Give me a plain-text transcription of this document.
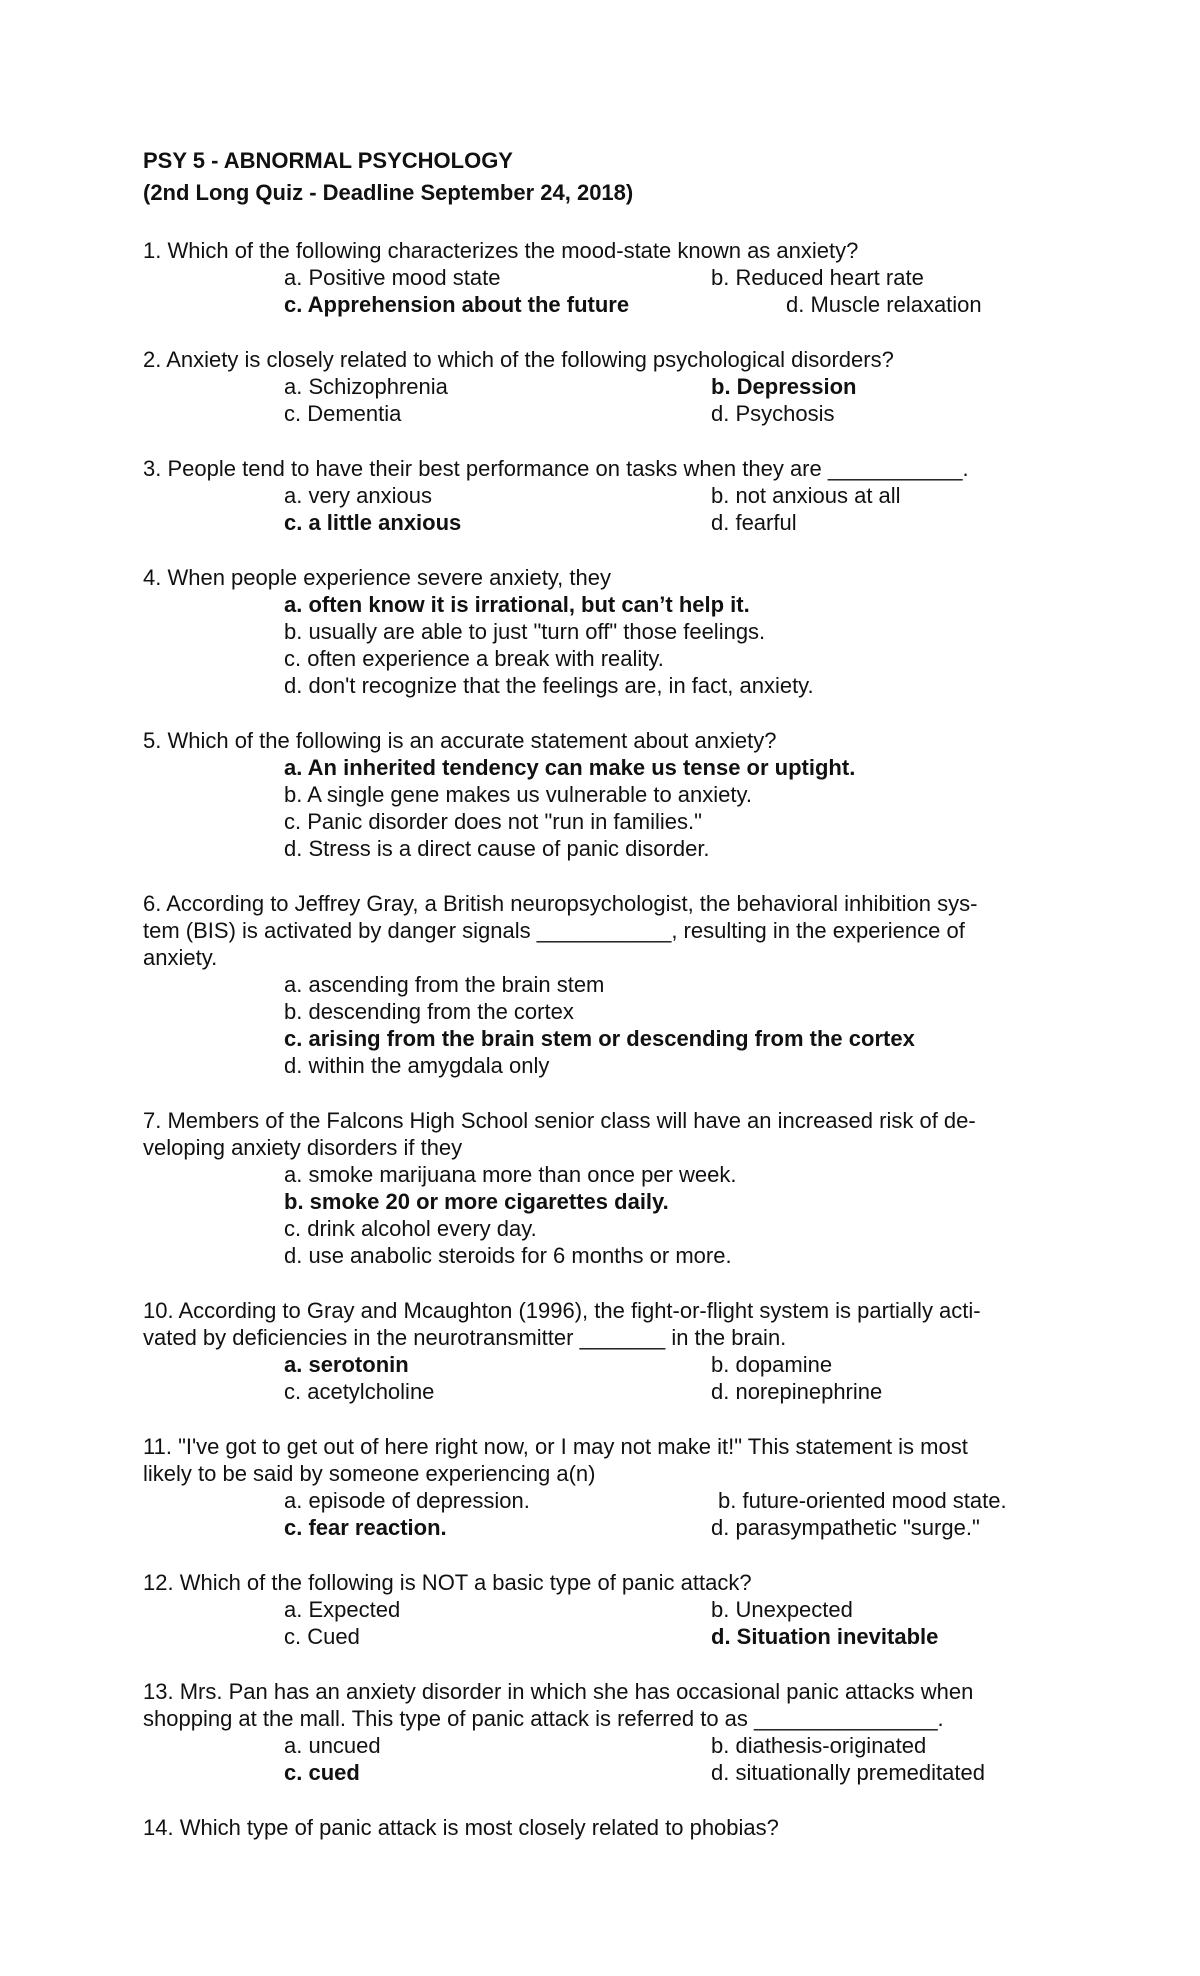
PSY 5 - ABNORMAL PSYCHOLOGY
(2nd Long Quiz - Deadline September 24, 2018)
1. Which of the following characterizes the mood-state known as anxiety?
a. Positive mood state	b. Reduced heart rate
c. Apprehension about the future	d. Muscle relaxation
2. Anxiety is closely related to which of the following psychological disorders?
a. Schizophrenia	b. Depression
c. Dementia	d. Psychosis
3. People tend to have their best performance on tasks when they are ___________.
a. very anxious	b. not anxious at all
c. a little anxious	d. fearful
4. When people experience severe anxiety, they
a. often know it is irrational, but can’t help it.
b. usually are able to just "turn off" those feelings.
c. often experience a break with reality.
d. don't recognize that the feelings are, in fact, anxiety.
5. Which of the following is an accurate statement about anxiety?
a. An inherited tendency can make us tense or uptight.
b. A single gene makes us vulnerable to anxiety.
c. Panic disorder does not "run in families."
d. Stress is a direct cause of panic disorder.
6. According to Jeffrey Gray, a British neuropsychologist, the behavioral inhibition sys-
tem (BIS) is activated by danger signals ___________, resulting in the experience of
anxiety.
a. ascending from the brain stem
b. descending from the cortex
c. arising from the brain stem or descending from the cortex
d. within the amygdala only
7. Members of the Falcons High School senior class will have an increased risk of de-
veloping anxiety disorders if they
a. smoke marijuana more than once per week.
b. smoke 20 or more cigarettes daily.
c. drink alcohol every day.
d. use anabolic steroids for 6 months or more.
10. According to Gray and Mcaughton (1996), the fight-or-flight system is partially acti-
vated by deficiencies in the neurotransmitter _______ in the brain.
a. serotonin	b. dopamine
c. acetylcholine	d. norepinephrine
11. "I've got to get out of here right now, or I may not make it!" This statement is most
likely to be said by someone experiencing a(n)
a. episode of depression.	b. future-oriented mood state.
c. fear reaction.	d. parasympathetic "surge."
12. Which of the following is NOT a basic type of panic attack?
a. Expected	b. Unexpected
c. Cued	d. Situation inevitable
13. Mrs. Pan has an anxiety disorder in which she has occasional panic attacks when
shopping at the mall. This type of panic attack is referred to as _______________.
a. uncued	b. diathesis-originated
c. cued	d. situationally premeditated
14. Which type of panic attack is most closely related to phobias?
